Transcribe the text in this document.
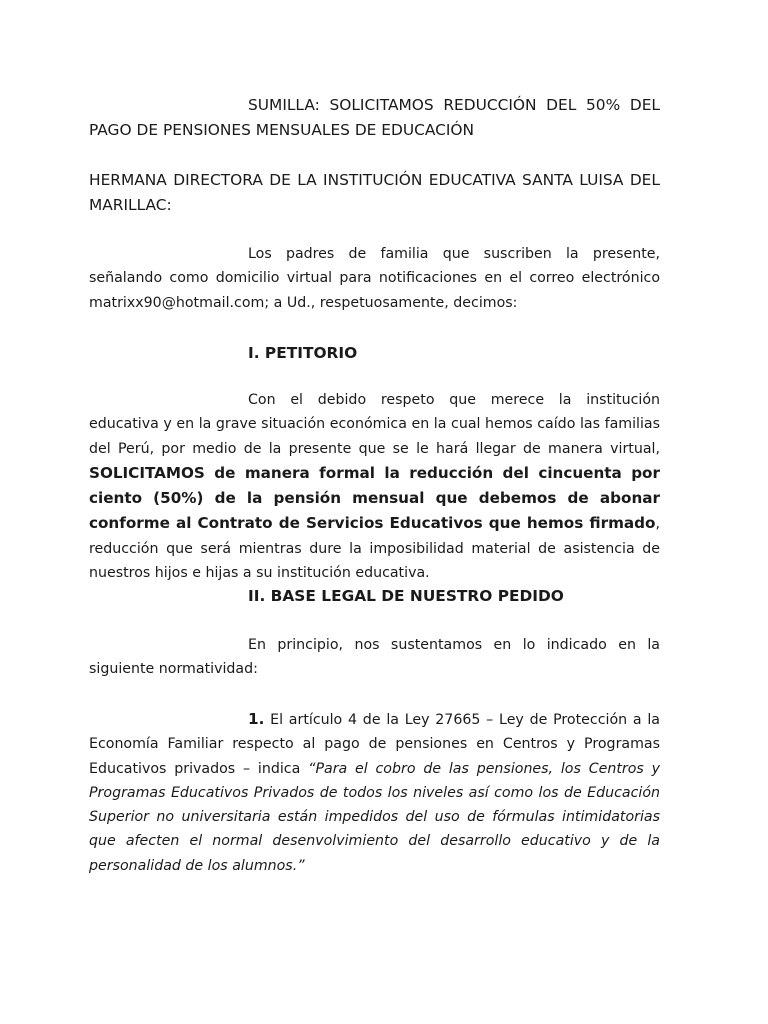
SUMILLA: SOLICITAMOS REDUCCIÓN DEL 50% DEL PAGO DE PENSIONES MENSUALES DE EDUCACIÓN

HERMANA DIRECTORA DE LA INSTITUCIÓN EDUCATIVA SANTA LUISA DEL MARILLAC:

Los padres de familia que suscriben la presente, señalando como domicilio virtual para notificaciones en el correo electrónico matrixx90@hotmail.com; a Ud., respetuosamente, decimos:

I. PETITORIO

Con el debido respeto que merece la institución educativa y en la grave situación económica en la cual hemos caído las familias del Perú, por medio de la presente que se le hará llegar de manera virtual, SOLICITAMOS de manera formal la reducción del cincuenta por ciento (50%) de la pensión mensual que debemos de abonar conforme al Contrato de Servicios Educativos que hemos firmado, reducción que será mientras dure la imposibilidad material de asistencia de nuestros hijos e hijas a su institución educativa.

II. BASE LEGAL DE NUESTRO PEDIDO

En principio, nos sustentamos en lo indicado en la siguiente normatividad:

1. El artículo 4 de la Ley 27665 – Ley de Protección a la Economía Familiar respecto al pago de pensiones en Centros y Programas Educativos privados – indica “Para el cobro de las pensiones, los Centros y Programas Educativos Privados de todos los niveles así como los de Educación Superior no universitaria están impedidos del uso de fórmulas intimidatorias que afecten el normal desenvolvimiento del desarrollo educativo y de la personalidad de los alumnos.”
